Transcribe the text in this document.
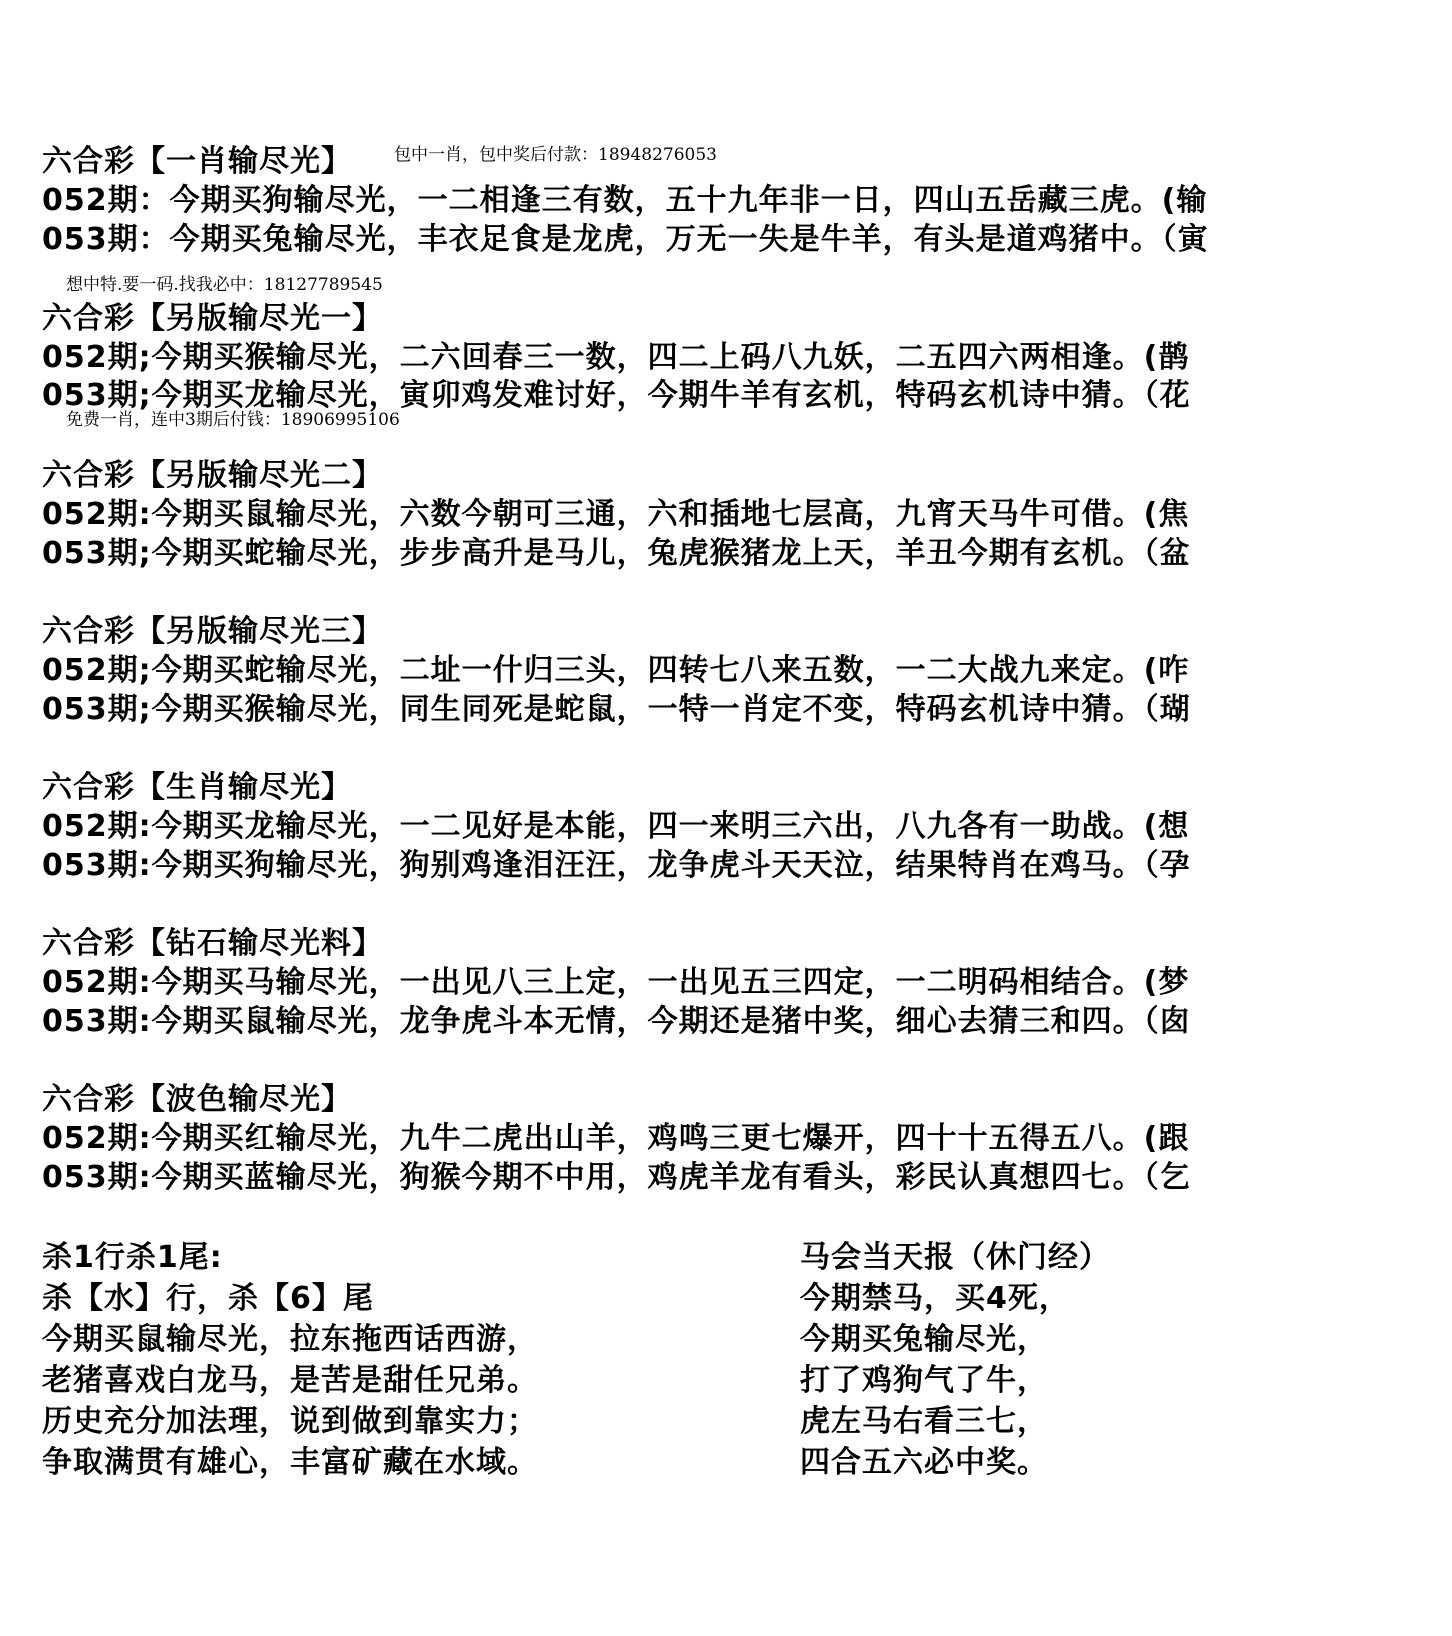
六合彩【一肖输尽光】 包中一肖，包中奖后付款：18948276053
052期：今期买狗输尽光，一二相逢三有数，五十九年非一日，四山五岳藏三虎。(输
053期：今期买兔输尽光，丰衣足食是龙虎，万无一失是牛羊，有头是道鸡猪中。（寅
想中特.要一码.找我必中：18127789545
六合彩【另版输尽光一】
052期;今期买猴输尽光，二六回春三一数，四二上码八九妖，二五四六两相逢。(鹊
053期;今期买龙输尽光，寅卯鸡发难讨好，今期牛羊有玄机，特码玄机诗中猜。（花
免费一肖，连中3期后付钱：18906995106
六合彩【另版输尽光二】
052期:今期买鼠输尽光，六数今朝可三通，六和插地七层高，九宵天马牛可借。(焦
053期;今期买蛇输尽光，步步高升是马儿，兔虎猴猪龙上天，羊丑今期有玄机。（盆
六合彩【另版输尽光三】
052期;今期买蛇输尽光，二址一什归三头，四转七八来五数，一二大战九来定。(咋
053期;今期买猴输尽光，同生同死是蛇鼠，一特一肖定不变，特码玄机诗中猜。（瑚
六合彩【生肖输尽光】
052期:今期买龙输尽光，一二见好是本能，四一来明三六出，八九各有一助战。(想
053期:今期买狗输尽光，狗别鸡逢泪汪汪，龙争虎斗天天泣，结果特肖在鸡马。（孕
六合彩【钻石输尽光料】
052期:今期买马输尽光，一出见八三上定，一出见五三四定，一二明码相结合。(梦
053期:今期买鼠输尽光，龙争虎斗本无情，今期还是猪中奖，细心去猜三和四。（囱
六合彩【波色输尽光】
052期:今期买红输尽光，九牛二虎出山羊，鸡鸣三更七爆开，四十十五得五八。(跟
053期:今期买蓝输尽光，狗猴今期不中用，鸡虎羊龙有看头，彩民认真想四七。（乞
杀1行杀1尾:
杀【水】行，杀【6】尾
今期买鼠输尽光，拉东拖西话西游，
老猪喜戏白龙马，是苦是甜任兄弟。
历史充分加法理，说到做到靠实力；
争取满贯有雄心，丰富矿藏在水域。
马会当天报（休门经）
今期禁马，买4死，
今期买兔输尽光，
打了鸡狗气了牛，
虎左马右看三七，
四合五六必中奖。
